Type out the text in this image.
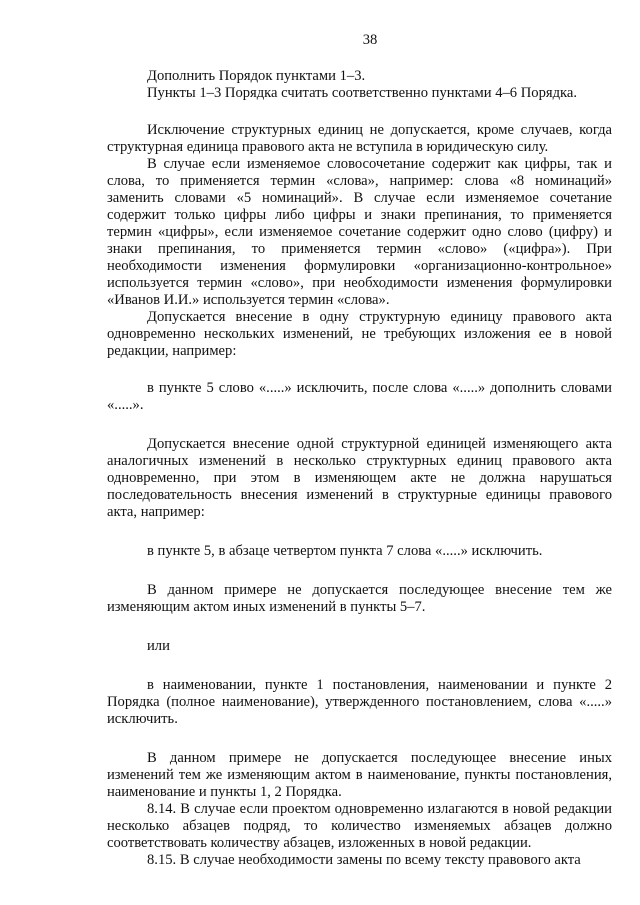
38

Дополнить Порядок пунктами 1–3.

Пункты 1–3 Порядка считать соответственно пунктами 4–6 Порядка.

Исключение структурных единиц не допускается, кроме случаев, когда структурная единица правового акта не вступила в юридическую силу.

В случае если изменяемое словосочетание содержит как цифры, так и слова, то применяется термин «слова», например: слова «8 номинаций» заменить словами «5 номинаций». В случае если изменяемое сочетание содержит только цифры либо цифры и знаки препинания, то применяется термин «цифры», если изменяемое сочетание содержит одно слово (цифру) и знаки препинания, то применяется термин «слово» («цифра»). При необходимости изменения формулировки «организационно-контрольное» используется термин «слово», при необходимости изменения формулировки «Иванов И.И.» используется термин «слова».

Допускается внесение в одну структурную единицу правового акта одновременно нескольких изменений, не требующих изложения ее в новой редакции, например:

в пункте 5 слово «.....» исключить, после слова «.....» дополнить словами «.....».

Допускается внесение одной структурной единицей изменяющего акта аналогичных изменений в несколько структурных единиц правового акта одновременно, при этом в изменяющем акте не должна нарушаться последовательность внесения изменений в структурные единицы правового акта, например:

в пункте 5, в абзаце четвертом пункта 7 слова «.....» исключить.

В данном примере не допускается последующее внесение тем же изменяющим актом иных изменений в пункты 5–7.

или

в наименовании, пункте 1 постановления, наименовании и пункте 2 Порядка (полное наименование), утвержденного постановлением, слова «.....» исключить.

В данном примере не допускается последующее внесение иных изменений тем же изменяющим актом в наименование, пункты постановления, наименование и пункты 1, 2 Порядка.

8.14. В случае если проектом одновременно излагаются в новой редакции несколько абзацев подряд, то количество изменяемых абзацев должно соответствовать количеству абзацев, изложенных в новой редакции.

8.15. В случае необходимости замены по всему тексту правового акта
